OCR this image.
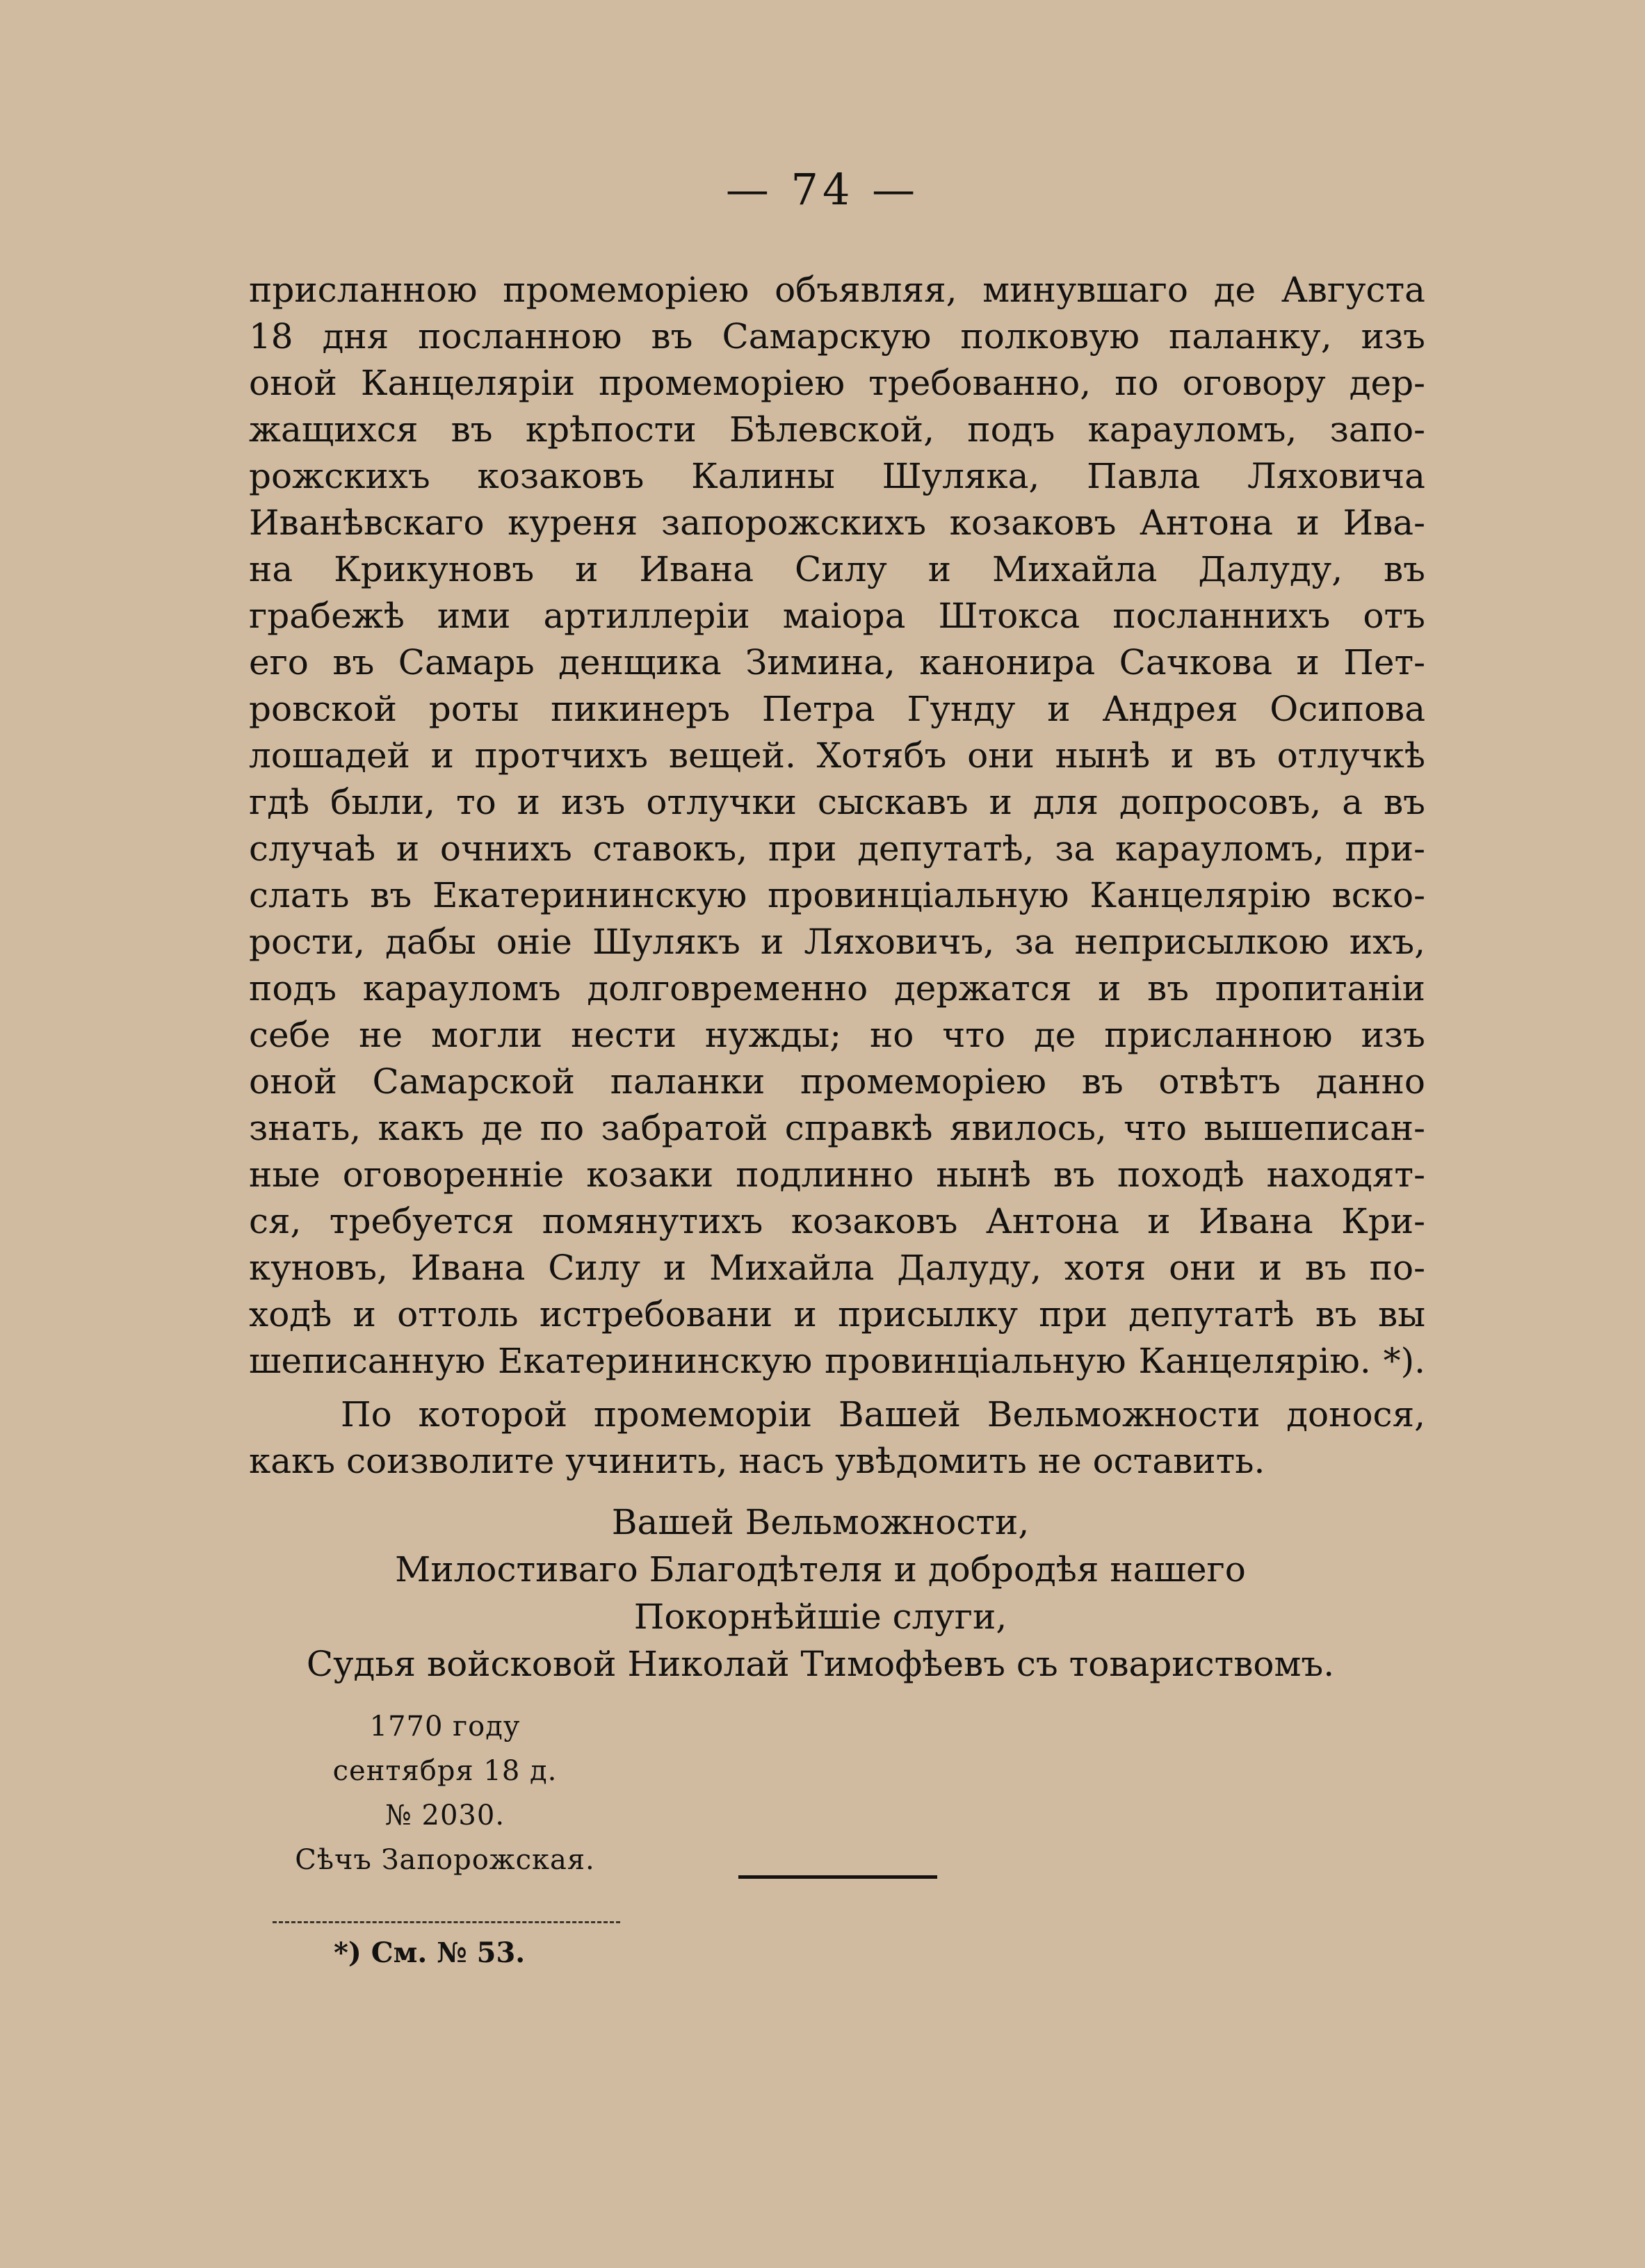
— 74 —
присланною промеморіею объявляя, минувшаго де Августа
18 дня посланною въ Самарскую полковую паланку, изъ
оной Канцеляріи промеморіею требованно, по оговору дер-
жащихся въ крѣпости Бѣлевской, подъ карауломъ, запо-
рожскихъ козаковъ Калины Шуляка, Павла Ляховича
Иванѣвскаго куреня запорожскихъ козаковъ Антона и Ива-
на Крикуновъ и Ивана Силу и Михайла Далуду, въ
грабежѣ ими артиллеріи маіора Штокса посланнихъ отъ
его въ Самарь денщика Зимина, канонира Сачкова и Пет-
ровской роты пикинеръ Петра Гунду и Андрея Осипова
лошадей и протчихъ вещей. Хотябъ они нынѣ и въ отлучкѣ
гдѣ были, то и изъ отлучки сыскавъ и для допросовъ, а въ
случаѣ и очнихъ ставокъ, при депутатѣ, за карауломъ, при-
слать въ Екатерининскую провинціальную Канцелярію вско-
рости, дабы оніе Шулякъ и Ляховичъ, за неприсылкою ихъ,
подъ карауломъ долговременно держатся и въ пропитаніи
себе не могли нести нужды; но что де присланною изъ
оной Самарской паланки промеморіею въ отвѣтъ данно
знать, какъ де по забратой справкѣ явилось, что вышеписан-
ные оговореннiе козаки подлинно нынѣ въ походѣ находят-
ся, требуется помянутихъ козаковъ Антона и Ивана Кри-
куновъ, Ивана Силу и Михайла Далуду, хотя они и въ по-
ходѣ и оттоль истребовани и присылку при депутатѣ въ вы
шеписанную Екатерининскую провинціальную Канцелярію. *).
По которой промеморіи Вашей Вельможности донося,
какъ соизволите учинить, насъ увѣдомить не оставить.
Вашей Вельможности,
Милостиваго Благодѣтеля и добродѣя нашего
Покорнѣйшіе слуги,
Судья войсковой Николай Тимофѣевъ съ товариствомъ.
1770 году
сентября 18 д.
№ 2030.
Сѣчъ Запорожская.
*) См. № 53.
